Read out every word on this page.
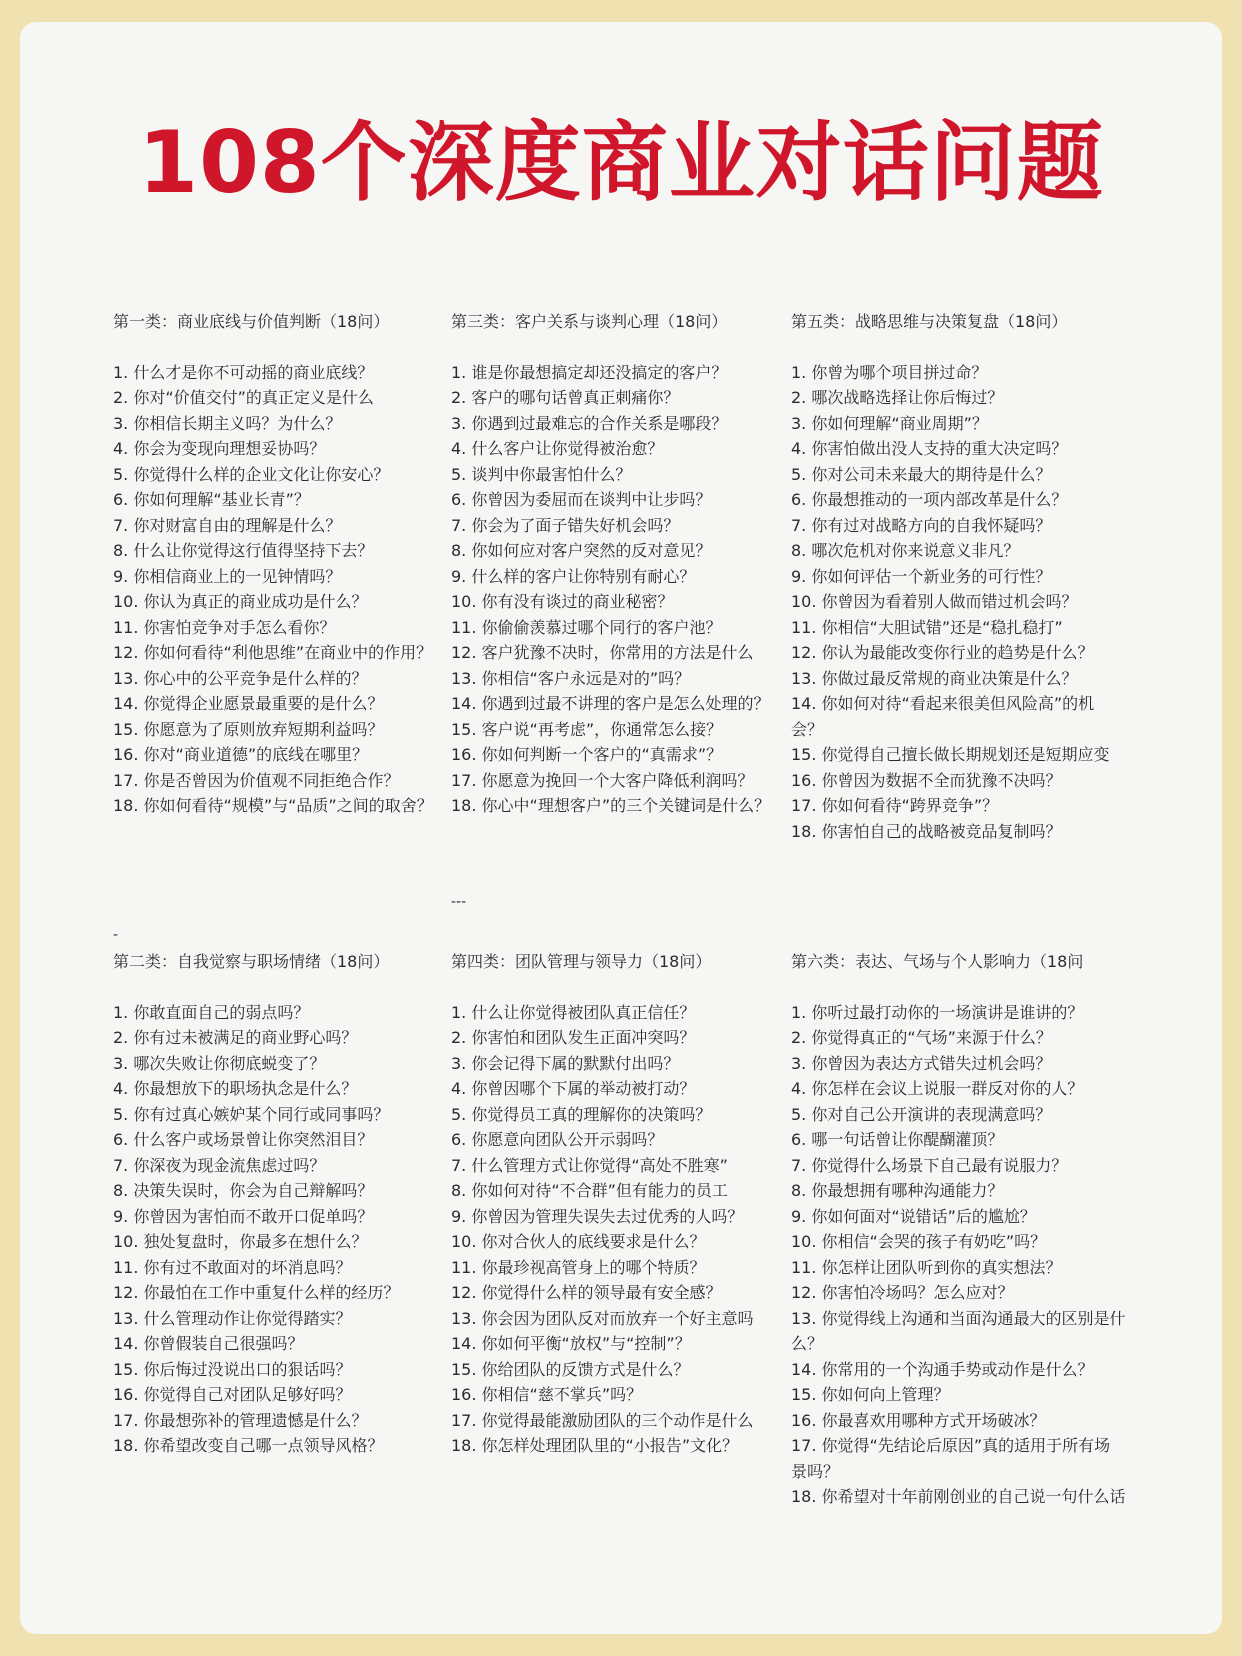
108个深度商业对话问题
第一类：商业底线与价值判断（18问）
1. 什么才是你不可动摇的商业底线？
2. 你对“价值交付”的真正定义是什么
3. 你相信长期主义吗？为什么？
4. 你会为变现向理想妥协吗？
5. 你觉得什么样的企业文化让你安心？
6. 你如何理解“基业长青”？
7. 你对财富自由的理解是什么？
8. 什么让你觉得这行值得坚持下去？
9. 你相信商业上的一见钟情吗？
10. 你认为真正的商业成功是什么？
11. 你害怕竞争对手怎么看你？
12. 你如何看待“利他思维”在商业中的作用？
13. 你心中的公平竞争是什么样的？
14. 你觉得企业愿景最重要的是什么？
15. 你愿意为了原则放弃短期利益吗？
16. 你对“商业道德”的底线在哪里？
17. 你是否曾因为价值观不同拒绝合作？
18. 你如何看待“规模”与“品质”之间的取舍？
第二类：自我觉察与职场情绪（18问）
1. 你敢直面自己的弱点吗？
2. 你有过未被满足的商业野心吗？
3. 哪次失败让你彻底蜕变了？
4. 你最想放下的职场执念是什么？
5. 你有过真心嫉妒某个同行或同事吗？
6. 什么客户或场景曾让你突然泪目？
7. 你深夜为现金流焦虑过吗？
8. 决策失误时，你会为自己辩解吗？
9. 你曾因为害怕而不敢开口促单吗？
10. 独处复盘时，你最多在想什么？
11. 你有过不敢面对的坏消息吗？
12. 你最怕在工作中重复什么样的经历？
13. 什么管理动作让你觉得踏实？
14. 你曾假装自己很强吗？
15. 你后悔过没说出口的狠话吗？
16. 你觉得自己对团队足够好吗？
17. 你最想弥补的管理遗憾是什么？
18. 你希望改变自己哪一点领导风格？
第三类：客户关系与谈判心理（18问）
1. 谁是你最想搞定却还没搞定的客户？
2. 客户的哪句话曾真正刺痛你？
3. 你遇到过最难忘的合作关系是哪段？
4. 什么客户让你觉得被治愈？
5. 谈判中你最害怕什么？
6. 你曾因为委屈而在谈判中让步吗？
7. 你会为了面子错失好机会吗？
8. 你如何应对客户突然的反对意见？
9. 什么样的客户让你特别有耐心？
10. 你有没有谈过的商业秘密？
11. 你偷偷羡慕过哪个同行的客户池？
12. 客户犹豫不决时，你常用的方法是什么
13. 你相信“客户永远是对的”吗？
14. 你遇到过最不讲理的客户是怎么处理的？
15. 客户说“再考虑”，你通常怎么接？
16. 你如何判断一个客户的“真需求”？
17. 你愿意为挽回一个大客户降低利润吗？
18. 你心中“理想客户”的三个关键词是什么？
第四类：团队管理与领导力（18问）
1. 什么让你觉得被团队真正信任？
2. 你害怕和团队发生正面冲突吗？
3. 你会记得下属的默默付出吗？
4. 你曾因哪个下属的举动被打动？
5. 你觉得员工真的理解你的决策吗？
6. 你愿意向团队公开示弱吗？
7. 什么管理方式让你觉得“高处不胜寒”
8. 你如何对待“不合群”但有能力的员工
9. 你曾因为管理失误失去过优秀的人吗？
10. 你对合伙人的底线要求是什么？
11. 你最珍视高管身上的哪个特质？
12. 你觉得什么样的领导最有安全感？
13. 你会因为团队反对而放弃一个好主意吗
14. 你如何平衡“放权”与“控制”？
15. 你给团队的反馈方式是什么？
16. 你相信“慈不掌兵”吗？
17. 你觉得最能激励团队的三个动作是什么
18. 你怎样处理团队里的“小报告”文化？
第五类：战略思维与决策复盘（18问）
1. 你曾为哪个项目拼过命？
2. 哪次战略选择让你后悔过？
3. 你如何理解“商业周期”？
4. 你害怕做出没人支持的重大决定吗？
5. 你对公司未来最大的期待是什么？
6. 你最想推动的一项内部改革是什么？
7. 你有过对战略方向的自我怀疑吗？
8. 哪次危机对你来说意义非凡？
9. 你如何评估一个新业务的可行性？
10. 你曾因为看着别人做而错过机会吗？
11. 你相信“大胆试错”还是“稳扎稳打”
12. 你认为最能改变你行业的趋势是什么？
13. 你做过最反常规的商业决策是什么？
14. 你如何对待“看起来很美但风险高”的机会？
15. 你觉得自己擅长做长期规划还是短期应变
16. 你曾因为数据不全而犹豫不决吗？
17. 你如何看待“跨界竞争”？
18. 你害怕自己的战略被竞品复制吗？
第六类：表达、气场与个人影响力（18问
1. 你听过最打动你的一场演讲是谁讲的？
2. 你觉得真正的“气场”来源于什么？
3. 你曾因为表达方式错失过机会吗？
4. 你怎样在会议上说服一群反对你的人？
5. 你对自己公开演讲的表现满意吗？
6. 哪一句话曾让你醍醐灌顶？
7. 你觉得什么场景下自己最有说服力？
8. 你最想拥有哪种沟通能力？
9. 你如何面对“说错话”后的尴尬？
10. 你相信“会哭的孩子有奶吃”吗？
11. 你怎样让团队听到你的真实想法？
12. 你害怕冷场吗？怎么应对？
13. 你觉得线上沟通和当面沟通最大的区别是什么？
14. 你常用的一个沟通手势或动作是什么？
15. 你如何向上管理？
16. 你最喜欢用哪种方式开场破冰？
17. 你觉得“先结论后原因”真的适用于所有场景吗？
18. 你希望对十年前刚创业的自己说一句什么话
---
-
